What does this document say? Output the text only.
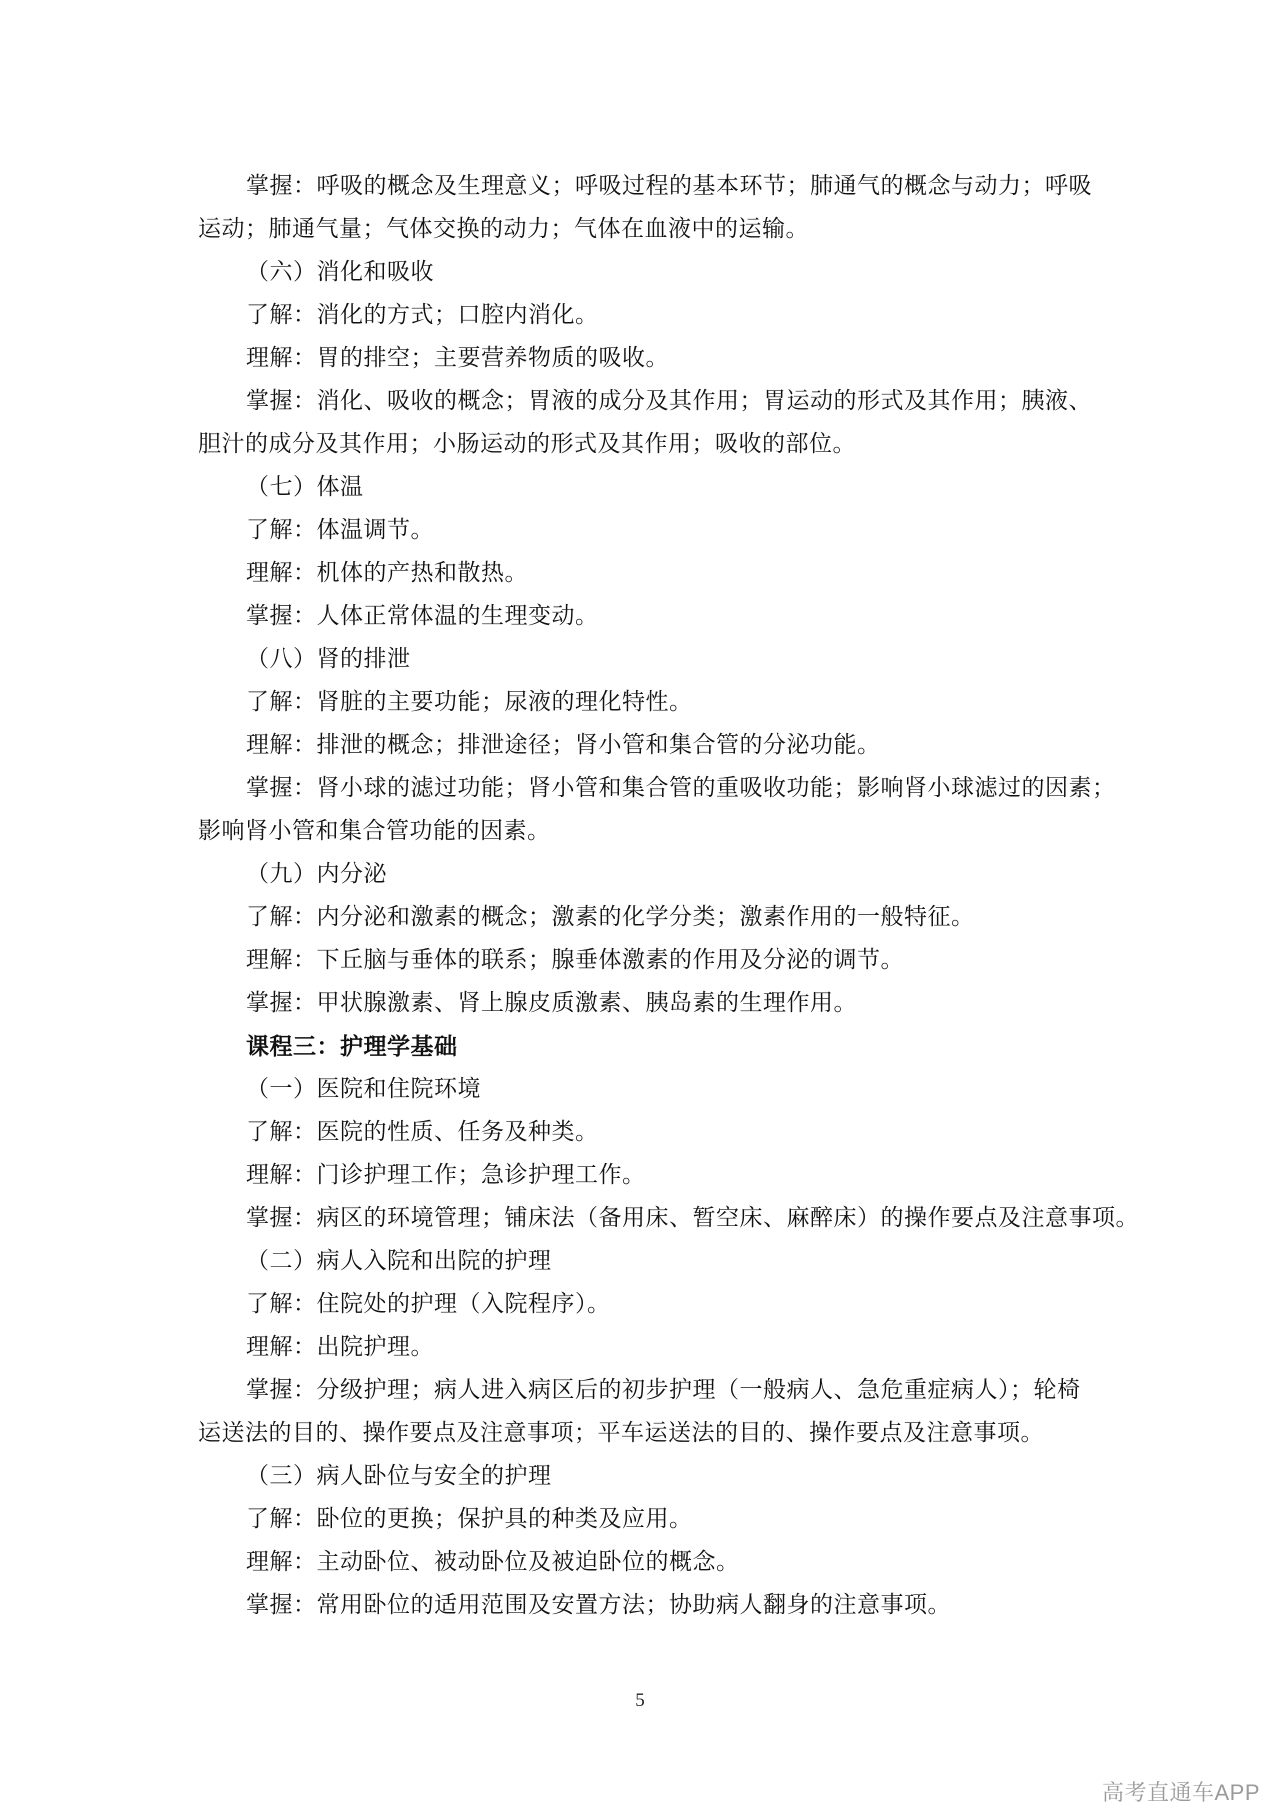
掌握：呼吸的概念及生理意义；呼吸过程的基本环节；肺通气的概念与动力；呼吸
运动；肺通气量；气体交换的动力；气体在血液中的运输。
（六）消化和吸收
了解：消化的方式；口腔内消化。
理解：胃的排空；主要营养物质的吸收。
掌握：消化、吸收的概念；胃液的成分及其作用；胃运动的形式及其作用；胰液、
胆汁的成分及其作用；小肠运动的形式及其作用；吸收的部位。
（七）体温
了解：体温调节。
理解：机体的产热和散热。
掌握：人体正常体温的生理变动。
（八）肾的排泄
了解：肾脏的主要功能；尿液的理化特性。
理解：排泄的概念；排泄途径；肾小管和集合管的分泌功能。
掌握：肾小球的滤过功能；肾小管和集合管的重吸收功能；影响肾小球滤过的因素；
影响肾小管和集合管功能的因素。
（九）内分泌
了解：内分泌和激素的概念；激素的化学分类；激素作用的一般特征。
理解：下丘脑与垂体的联系；腺垂体激素的作用及分泌的调节。
掌握：甲状腺激素、肾上腺皮质激素、胰岛素的生理作用。
课程三：护理学基础
（一）医院和住院环境
了解：医院的性质、任务及种类。
理解：门诊护理工作；急诊护理工作。
掌握：病区的环境管理；铺床法（备用床、暂空床、麻醉床）的操作要点及注意事项。
（二）病人入院和出院的护理
了解：住院处的护理（入院程序）。
理解：出院护理。
掌握：分级护理；病人进入病区后的初步护理（一般病人、急危重症病人）；轮椅
运送法的目的、操作要点及注意事项；平车运送法的目的、操作要点及注意事项。
（三）病人卧位与安全的护理
了解：卧位的更换；保护具的种类及应用。
理解：主动卧位、被动卧位及被迫卧位的概念。
掌握：常用卧位的适用范围及安置方法；协助病人翻身的注意事项。
5
高考直通车APP
